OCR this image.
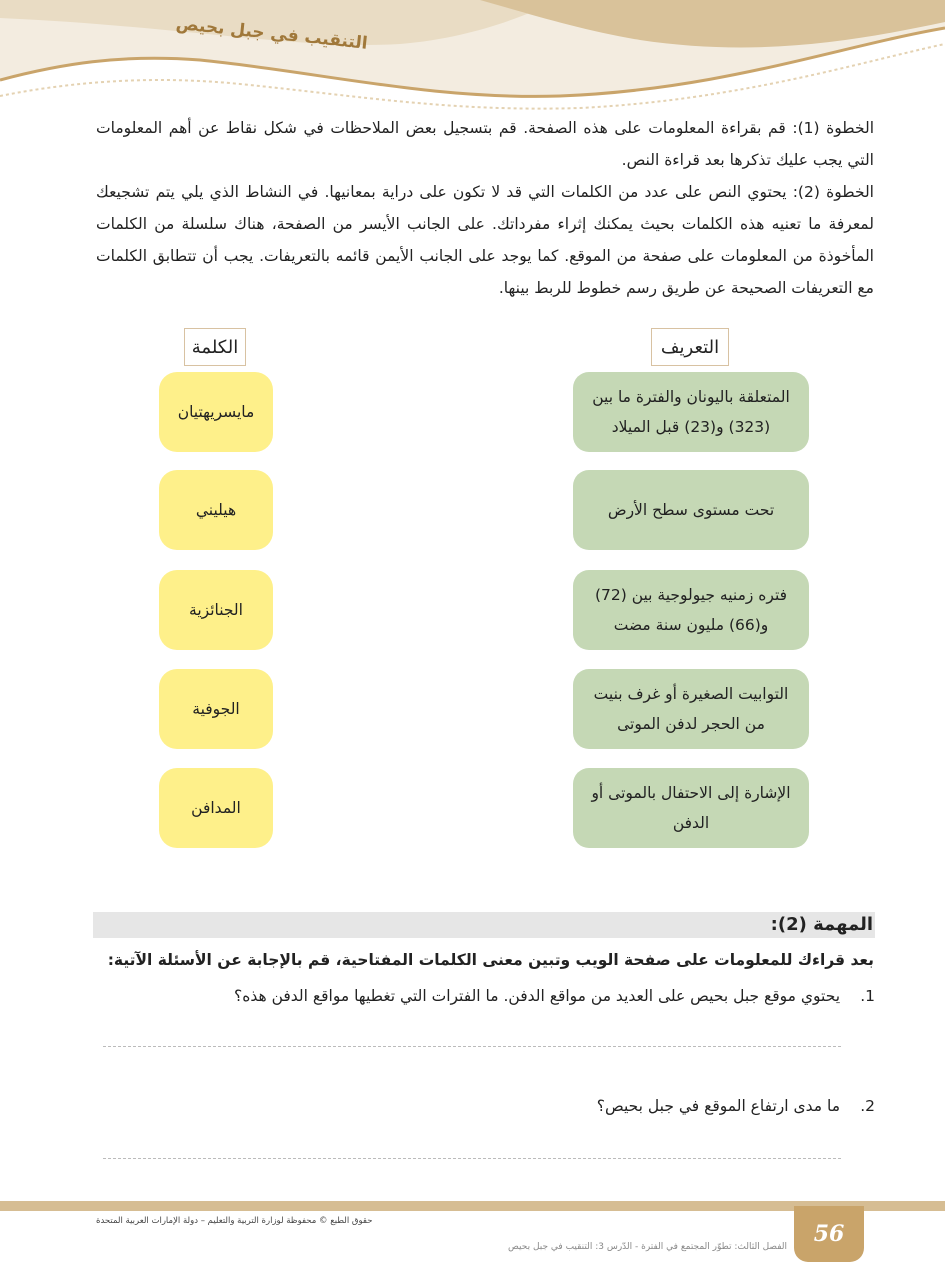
التنقيب في جبل بحيص

الخطوة (1): قم بقراءة المعلومات على هذه الصفحة. قم بتسجيل بعض الملاحظات في شكل نقاط عن أهم المعلومات التي يجب عليك تذكرها بعد قراءة النص.

الخطوة (2): يحتوي النص على عدد من الكلمات التي قد لا تكون على دراية بمعانيها. في النشاط الذي يلي يتم تشجيعك لمعرفة ما تعنيه هذه الكلمات بحيث يمكنك إثراء مفرداتك. على الجانب الأيسر من الصفحة، هناك سلسلة من الكلمات المأخوذة من المعلومات على صفحة من الموقع. كما يوجد على الجانب الأيمن قائمه بالتعريفات. يجب أن تتطابق الكلمات مع التعريفات الصحيحة عن طريق رسم خطوط للربط بينها.

الكلمة	التعريف
مايسريهتيان
هيليني
الجنائزية
الجوفية
المدافن
المتعلقة باليونان والفترة ما بين (323) و(23) قبل الميلاد
تحت مستوى سطح الأرض
فتره زمنيه جيولوجية بين (72) و(66) مليون سنة مضت
التوابيت الصغيرة أو غرف بنيت من الحجر لدفن الموتى
الإشارة إلى الاحتفال بالموتى أو الدفن
المهمة (2):
بعد قراءك للمعلومات على صفحة الويب وتبين معنى الكلمات المفتاحية، قم بالإجابة عن الأسئلة الآتية:
1. يحتوي موقع جبل بحيص على العديد من مواقع الدفن. ما الفترات التي تغطيها مواقع الدفن هذه؟
2. ما مدى ارتفاع الموقع في جبل بحيص؟
56
حقوق الطبع © محفوظة لوزارة التربية والتعليم – دولة الإمارات العربية المتحدة
الفصل الثالث: تطوّر المجتمع في الفترة - الدّرس 3: التنقيب في جبل بحيص
